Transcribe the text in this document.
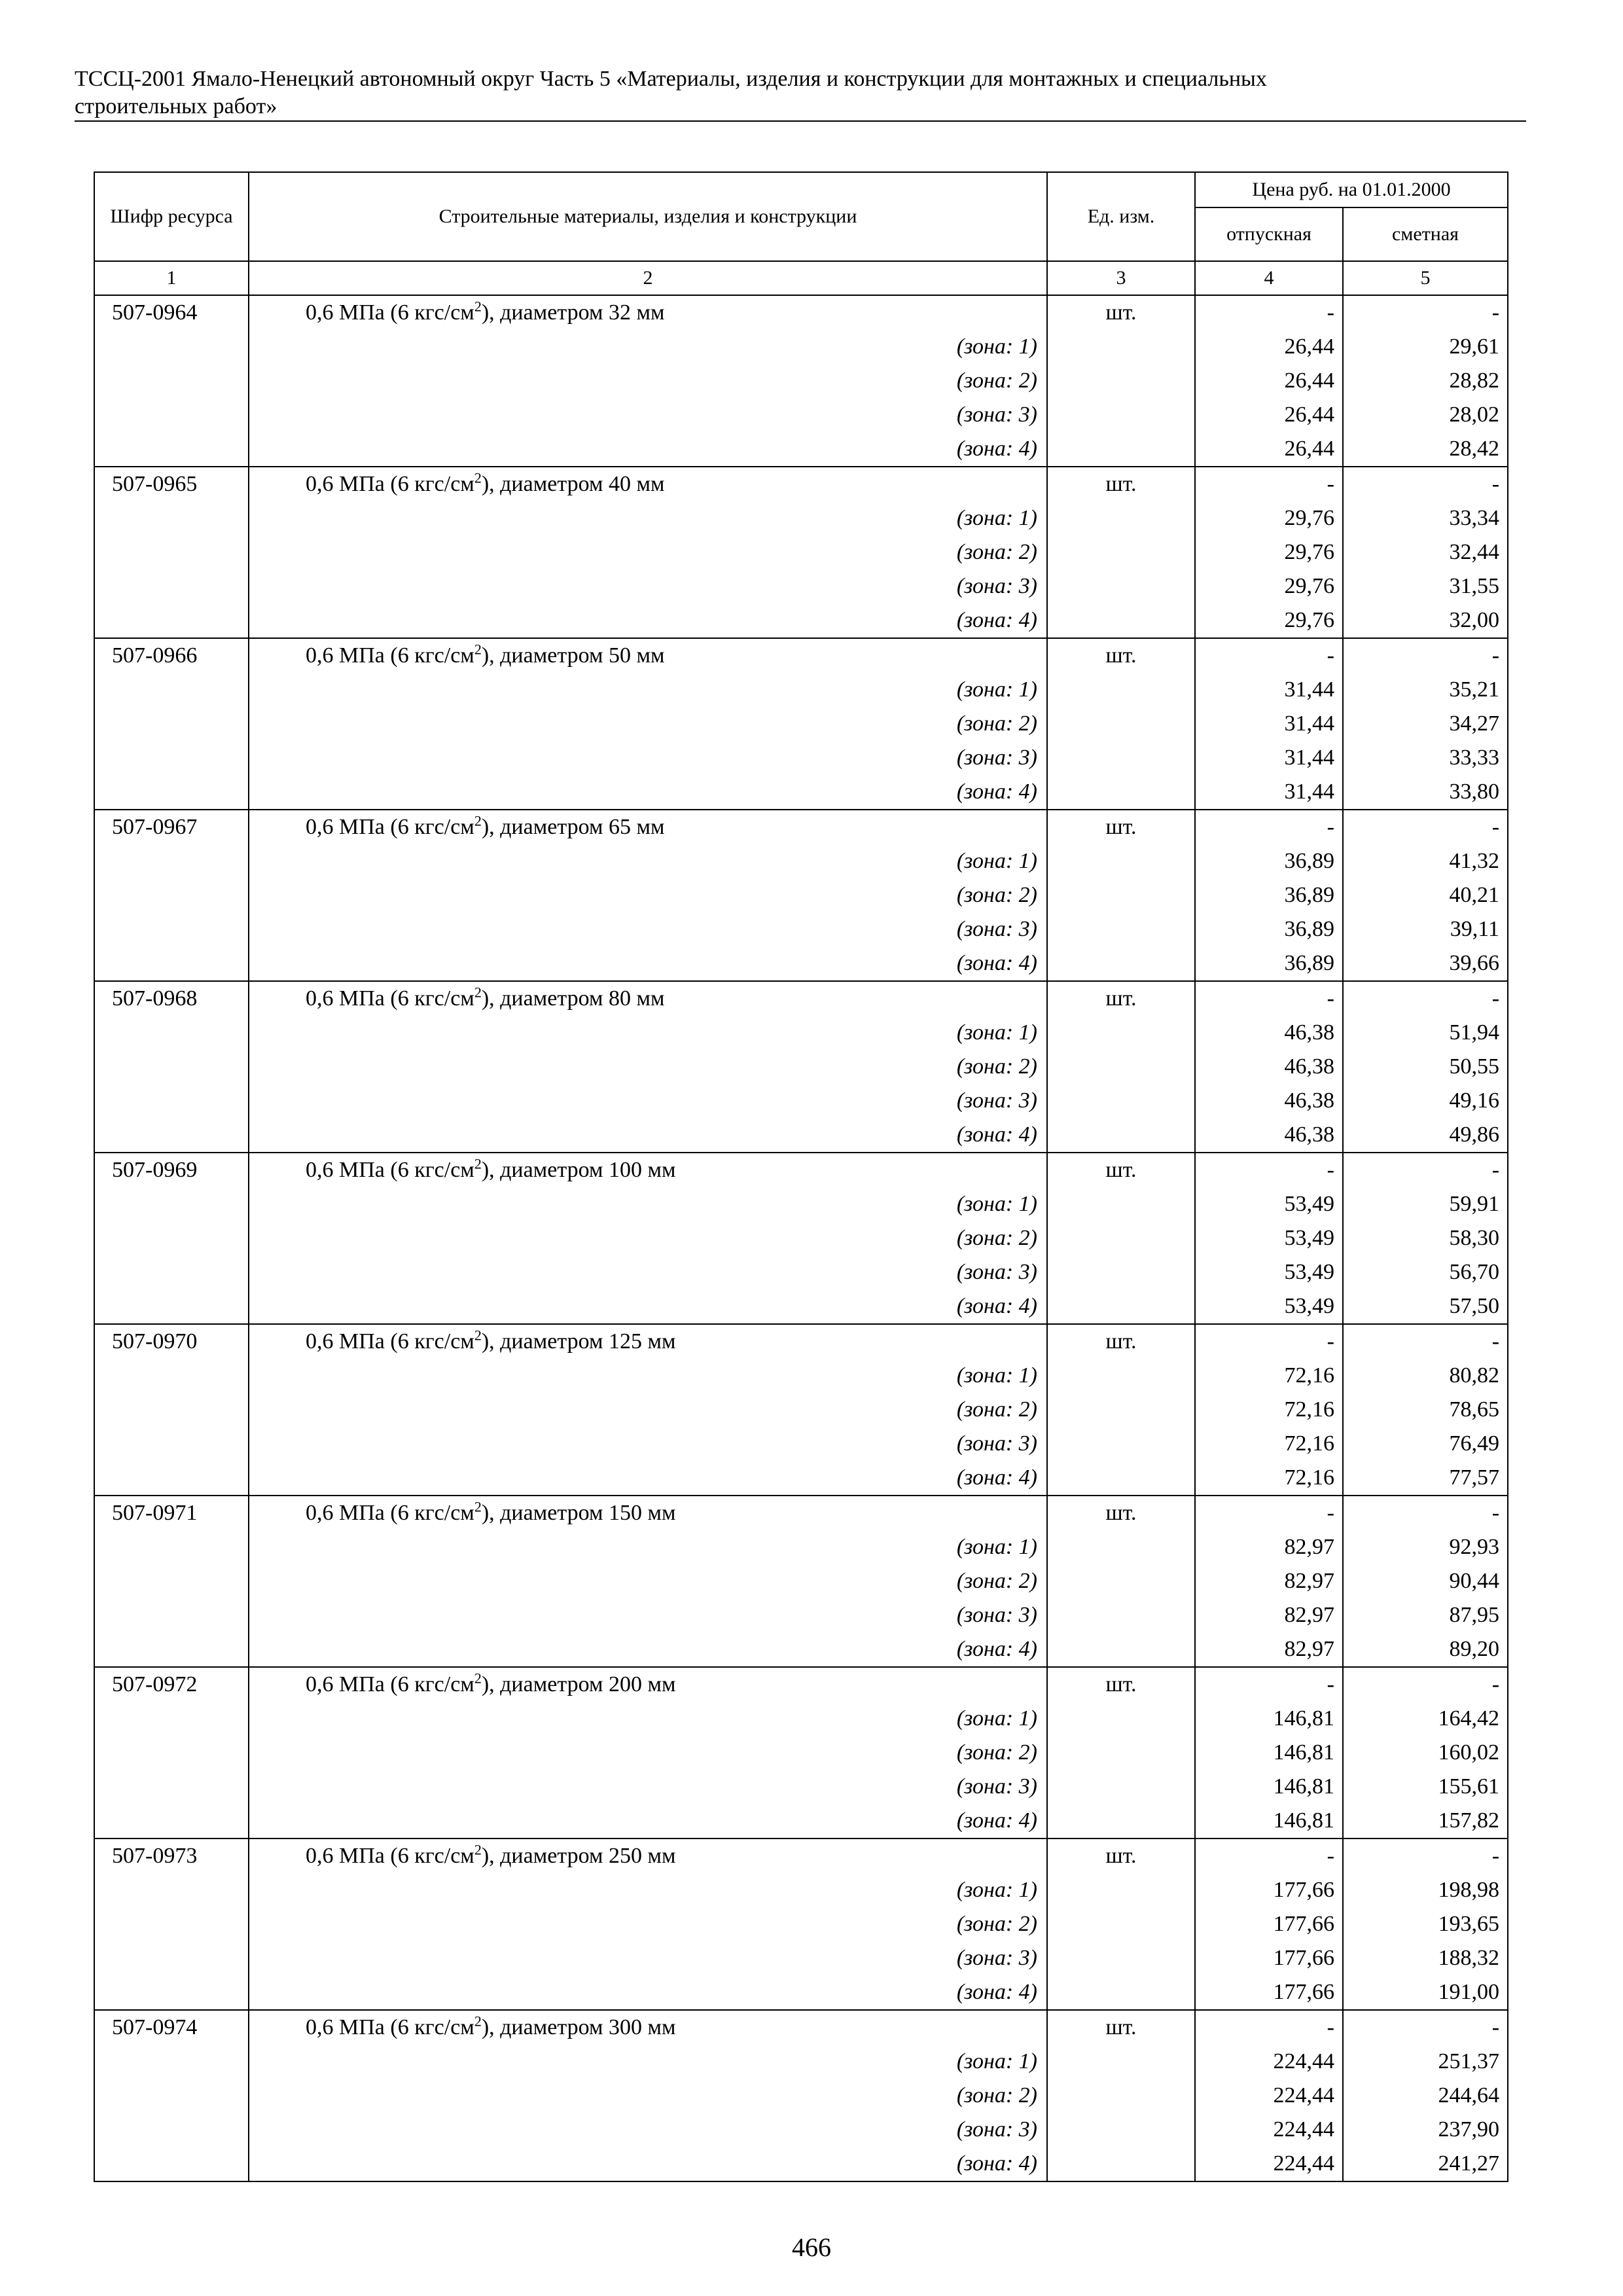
ТССЦ-2001 Ямало-Ненецкий автономный округ Часть 5 «Материалы, изделия и конструкции для монтажных и специальных
строительных работ»
Шифр ресурса	Строительные материалы, изделия и конструкции	Ед. изм.	Цена руб. на 01.01.2000	
			отпускная	сметная
1	2	3	4	5
507-0964	0,6 МПа (6 кгс/$см^2$), диаметром 32 мм	шт.	-	-
	(зона: 1)		26,44	29,61
	(зона: 2)		26,44	28,82
	(зона: 3)		26,44	28,02
	(зона: 4)		26,44	28,42
507-0965	0,6 МПа (6 кгс/$см^2$), диаметром 40 мм	шт.	-	-
	(зона: 1)		29,76	33,34
	(зона: 2)		29,76	32,44
	(зона: 3)		29,76	31,55
	(зона: 4)		29,76	32,00
507-0966	0,6 МПа (6 кгс/$см^2$), диаметром 50 мм	шт.	-	-
	(зона: 1)		31,44	35,21
	(зона: 2)		31,44	34,27
	(зона: 3)		31,44	33,33
	(зона: 4)		31,44	33,80
507-0967	0,6 МПа (6 кгс/$см^2$), диаметром 65 мм	шт.	-	-
	(зона: 1)		36,89	41,32
	(зона: 2)		36,89	40,21
	(зона: 3)		36,89	39,11
	(зона: 4)		36,89	39,66
507-0968	0,6 МПа (6 кгс/$см^2$), диаметром 80 мм	шт.	-	-
	(зона: 1)		46,38	51,94
	(зона: 2)		46,38	50,55
	(зона: 3)		46,38	49,16
	(зона: 4)		46,38	49,86
507-0969	0,6 МПа (6 кгс/$см^2$), диаметром 100 мм	шт.	-	-
	(зона: 1)		53,49	59,91
	(зона: 2)		53,49	58,30
	(зона: 3)		53,49	56,70
	(зона: 4)		53,49	57,50
507-0970	0,6 МПа (6 кгс/$см^2$), диаметром 125 мм	шт.	-	-
	(зона: 1)		72,16	80,82
	(зона: 2)		72,16	78,65
	(зона: 3)		72,16	76,49
	(зона: 4)		72,16	77,57
507-0971	0,6 МПа (6 кгс/$см^2$), диаметром 150 мм	шт.	-	-
	(зона: 1)		82,97	92,93
	(зона: 2)		82,97	90,44
	(зона: 3)		82,97	87,95
	(зона: 4)		82,97	89,20
507-0972	0,6 МПа (6 кгс/$см^2$), диаметром 200 мм	шт.	-	-
	(зона: 1)		146,81	164,42
	(зона: 2)		146,81	160,02
	(зона: 3)		146,81	155,61
	(зона: 4)		146,81	157,82
507-0973	0,6 МПа (6 кгс/$см^2$), диаметром 250 мм	шт.	-	-
	(зона: 1)		177,66	198,98
	(зона: 2)		177,66	193,65
	(зона: 3)		177,66	188,32
	(зона: 4)		177,66	191,00
507-0974	0,6 МПа (6 кгс/$см^2$), диаметром 300 мм	шт.	-	-
	(зона: 1)		224,44	251,37
	(зона: 2)		224,44	244,64
	(зона: 3)		224,44	237,90
	(зона: 4)		224,44	241,27
466
